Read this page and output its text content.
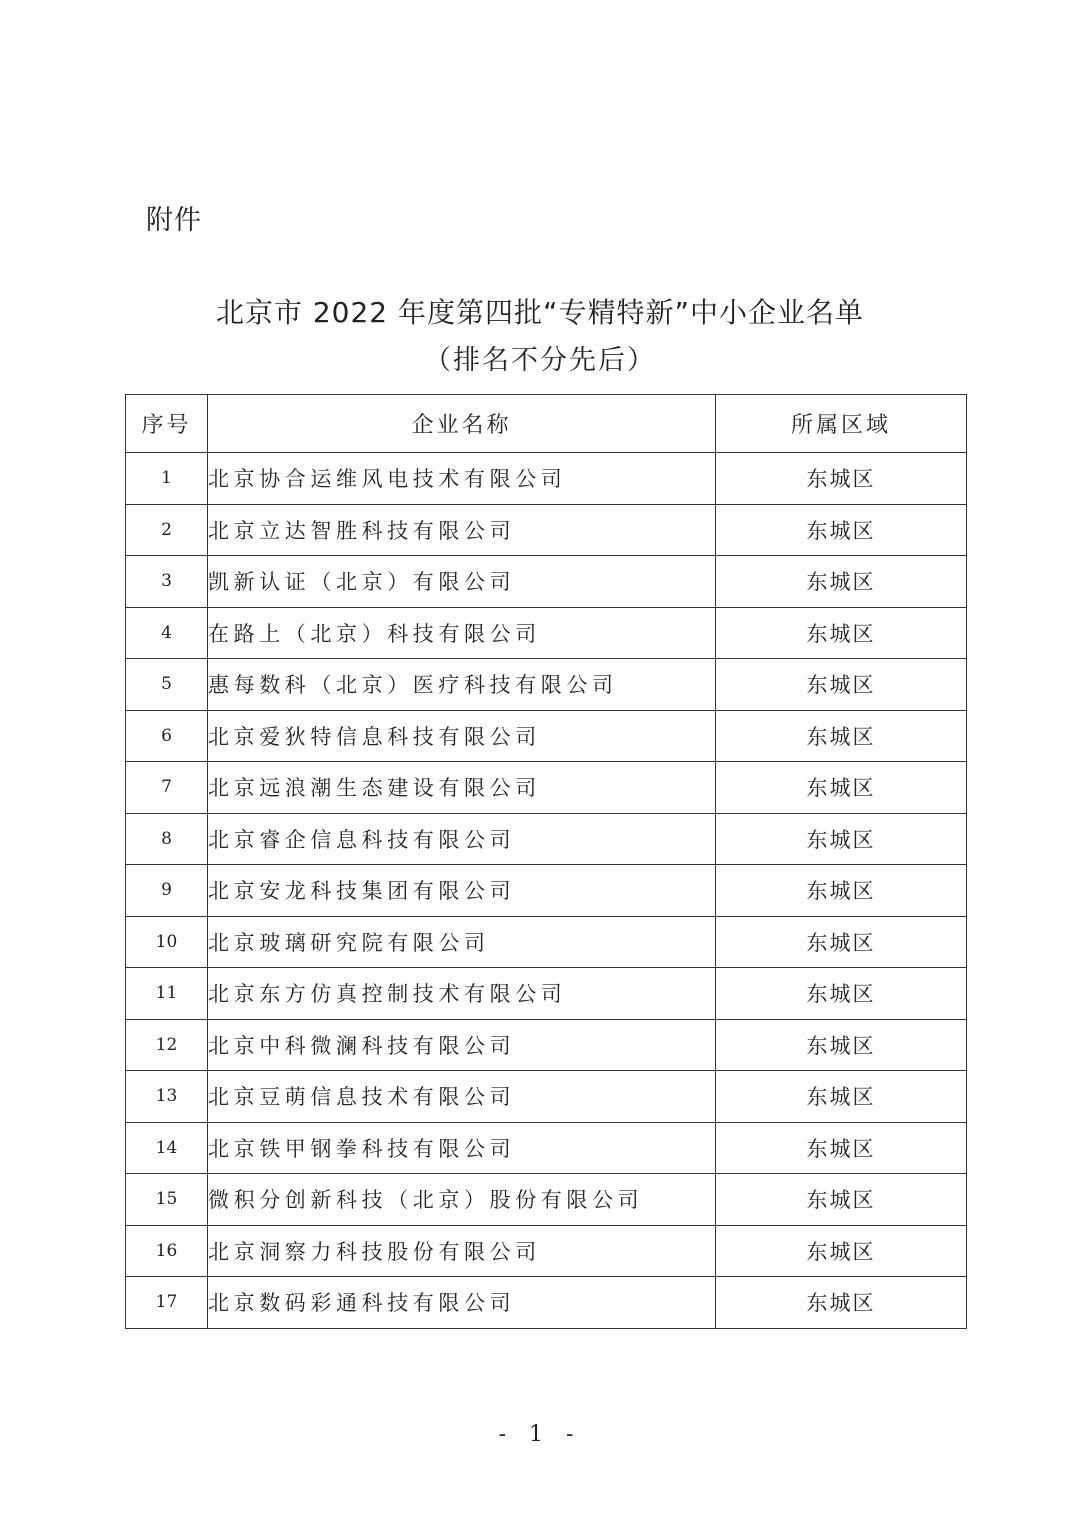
附件
北京市 2022 年度第四批“专精特新”中小企业名单
（排名不分先后）
序号	企业名称	所属区域
1	北京协合运维风电技术有限公司	东城区
2	北京立达智胜科技有限公司	东城区
3	凯新认证（北京）有限公司	东城区
4	在路上（北京）科技有限公司	东城区
5	惠每数科（北京）医疗科技有限公司	东城区
6	北京爱狄特信息科技有限公司	东城区
7	北京远浪潮生态建设有限公司	东城区
8	北京睿企信息科技有限公司	东城区
9	北京安龙科技集团有限公司	东城区
10	北京玻璃研究院有限公司	东城区
11	北京东方仿真控制技术有限公司	东城区
12	北京中科微澜科技有限公司	东城区
13	北京豆萌信息技术有限公司	东城区
14	北京铁甲钢拳科技有限公司	东城区
15	微积分创新科技（北京）股份有限公司	东城区
16	北京洞察力科技股份有限公司	东城区
17	北京数码彩通科技有限公司	东城区
- 1 -
